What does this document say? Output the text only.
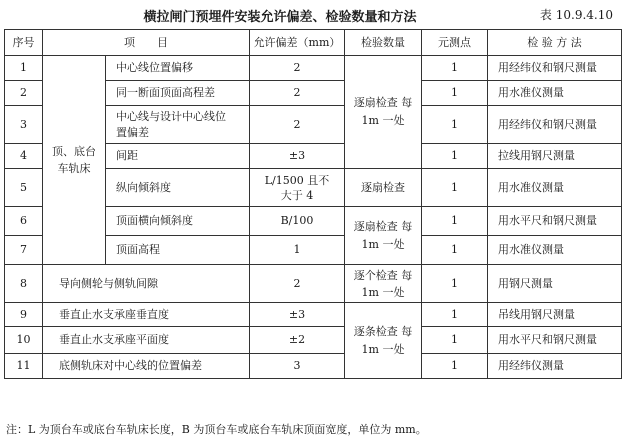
横拉闸门预埋件安装允许偏差、检验数量和方法	表 10.9.4.10
序号	项　　目		允许偏差（mm）	检验数量	元测点	检 验 方 法
1	顶、底台车轨床	中心线位置偏移	2	逐扇检查 每 1m 一处	1	用经纬仪和钢尺测量
2		同一断面顶面高程差	2		1	用水准仪测量
3		中心线与设计中心线位置偏差	2		1	用经纬仪和钢尺测量
4		间距	±3		1	拉线用钢尺测量
5		纵向倾斜度	L/1500 且不大于 4	逐扇检查	1	用水准仪测量
6		顶面横向倾斜度	B/100	逐扇检查 每 1m 一处	1	用水平尺和钢尺测量
7		顶面高程	1		1	用水准仪测量
8	导向侧轮与侧轨间隙		2	逐个检查 每 1m 一处	1	用钢尺测量
9	垂直止水支承座垂直度		±3	逐条检查 每 1m 一处	1	吊线用钢尺测量
10	垂直止水支承座平面度		±2		1	用水平尺和钢尺测量
11	底侧轨床对中心线的位置偏差		3		1	用经纬仪测量
注：L 为顶台车或底台车轨床长度，B 为顶台车或底台车轨床顶面宽度，单位为 mm。
